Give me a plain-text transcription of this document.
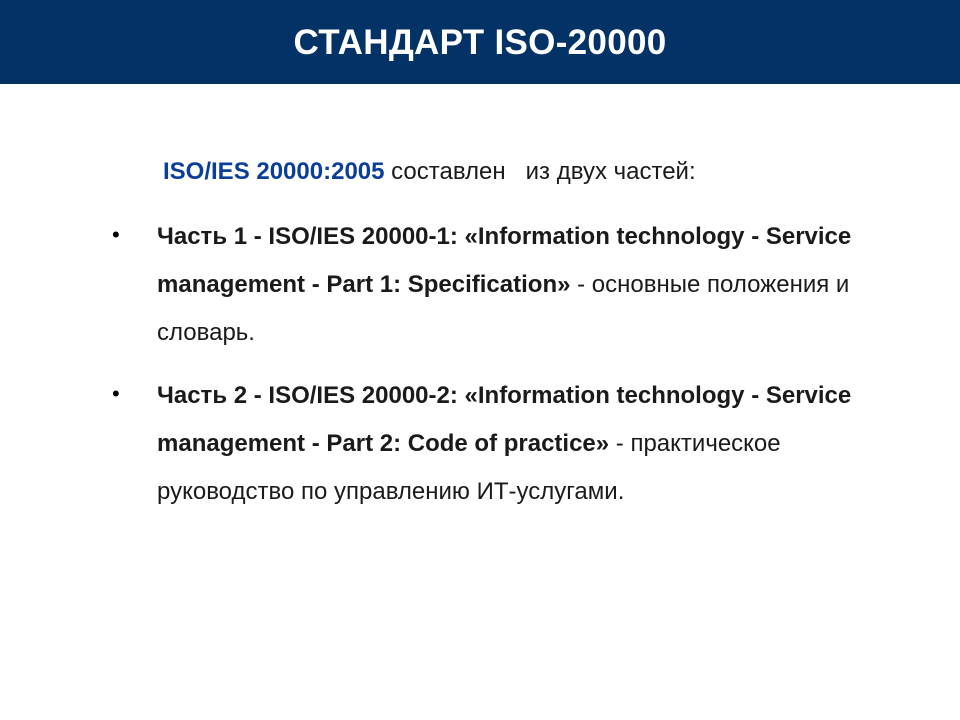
СТАНДАРТ ISO-20000
ISO/IES 20000:2005 составлен   из двух частей:
• Часть 1 - ISO/IES 20000-1: «Information technology - Service management - Part 1: Specification» - основные положения и словарь.
• Часть 2 - ISO/IES 20000-2: «Information technology - Service management - Part 2: Code of practice» - практическое руководство по управлению ИТ-услугами.
